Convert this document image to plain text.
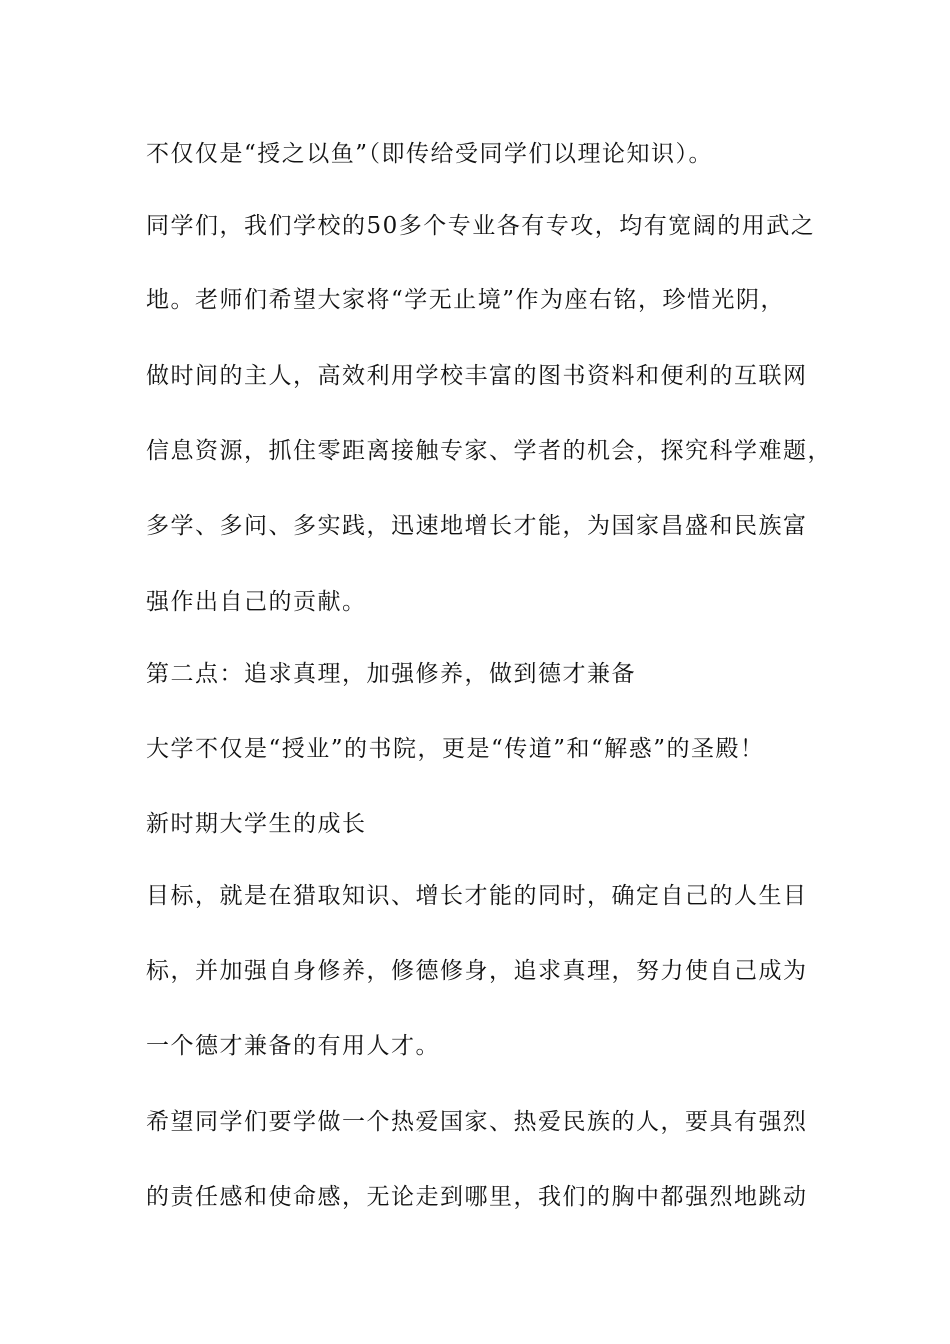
不仅仅是“授之以鱼”（即传给受同学们以理论知识）。
同学们，我们学校的50多个专业各有专攻，均有宽阔的用武之
地。老师们希望大家将“学无止境”作为座右铭，珍惜光阴，
做时间的主人，高效利用学校丰富的图书资料和便利的互联网
信息资源，抓住零距离接触专家、学者的机会，探究科学难题，
多学、多问、多实践，迅速地增长才能，为国家昌盛和民族富
强作出自己的贡献。
第二点：追求真理，加强修养，做到德才兼备
大学不仅是“授业”的书院，更是“传道”和“解惑”的圣殿！
新时期大学生的成长
目标，就是在猎取知识、增长才能的同时，确定自己的人生目
标，并加强自身修养，修德修身，追求真理，努力使自己成为
一个德才兼备的有用人才。
希望同学们要学做一个热爱国家、热爱民族的人，要具有强烈
的责任感和使命感，无论走到哪里，我们的胸中都强烈地跳动
